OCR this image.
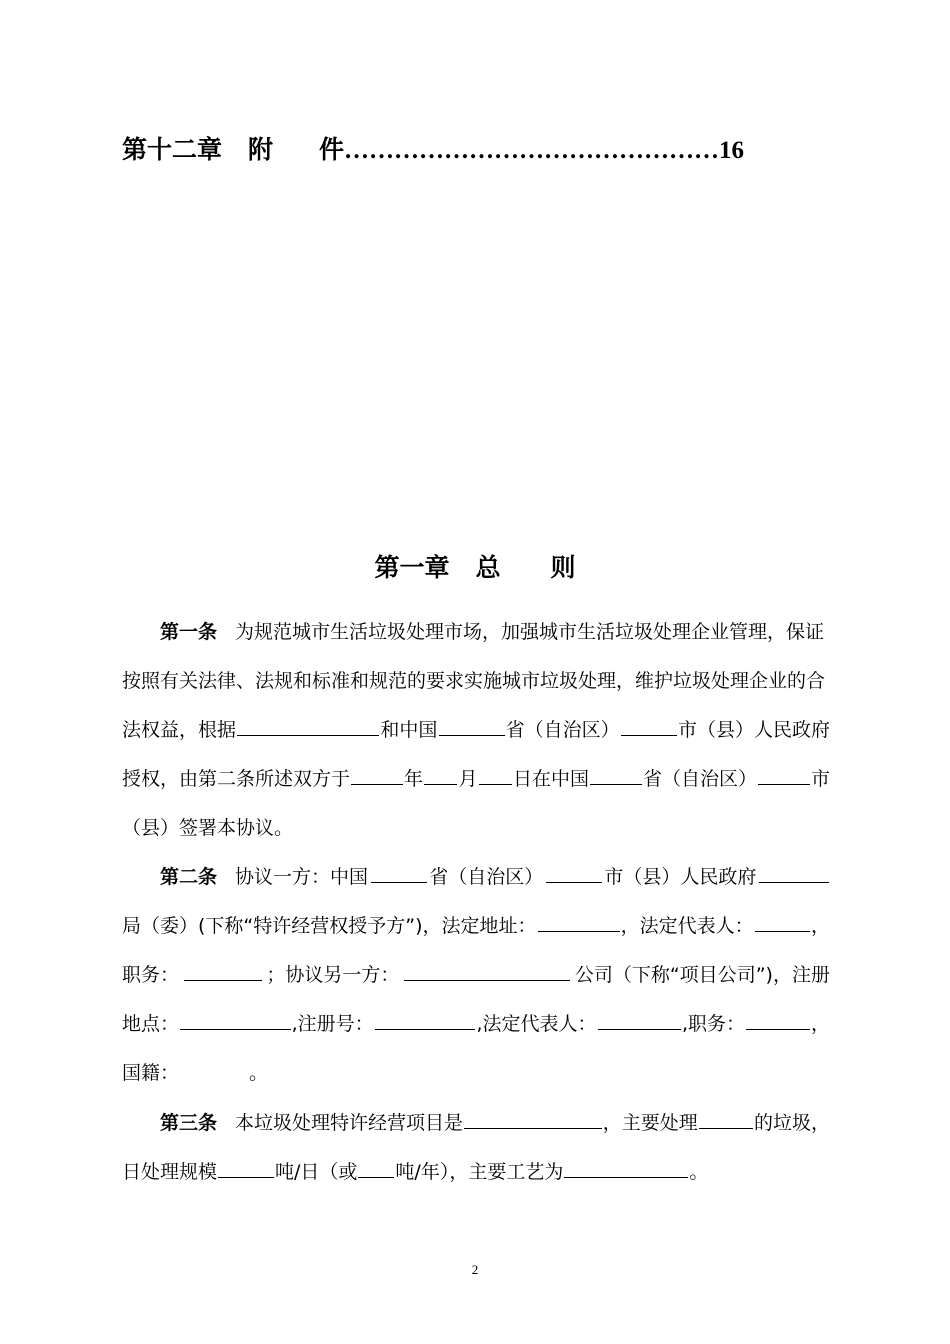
第十二章 附 件………………………………………16
第一章 总 则
第一条 为规范城市生活垃圾处理市场，加强城市生活垃圾处理企业管理，保证
按照有关法律、法规和标准和规范的要求实施城市垃圾处理，维护垃圾处理企业的合
法权益，根据	和中国	省（自治区）	市（县）人民政府
授权，由第二条所述双方于	年 月 日在中国	省（自治区）	市
（县）签署本协议。
第二条 协议一方：中国	省（自治区）	市（县）人民政府
局（委）(下称“特许经营权授予方”)，法定地址：	，法定代表人：	，
职务：	；协议另一方：	公司（下称“项目公司”)，注册
地点：	,注册号：	,法定代表人：	,职务：	，
国籍：	。
第三条 本垃圾处理特许经营项目是	，主要处理	的垃圾，
日处理规模	吨/日（或 吨/年），主要工艺为	。
2
